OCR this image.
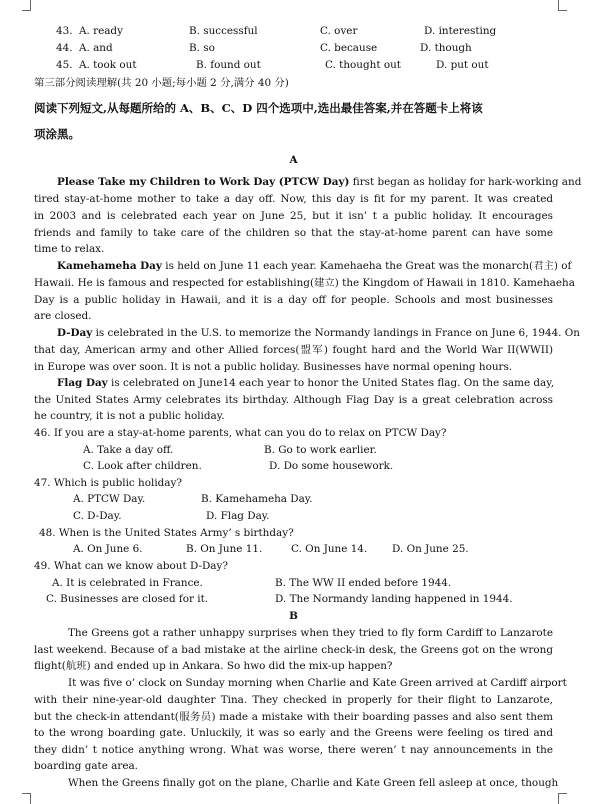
43. A. ready	B. successful	C. over	D. interesting
44. A. and	B. so	C. because	D. though
45. A. took out	B. found out	C. thought out	D. put out
第三部分阅读理解(共 20 小题;每小题 2 分,满分 40 分)
阅读下列短文,从每题所给的 A、B、C、D 四个选项中,选出最佳答案,并在答题卡上将该
项涂黑。
A
Please Take my Children to Work Day (PTCW Day) first began as holiday for hark-working and
tired stay-at-home mother to take a day off. Now, this day is fit for my parent. It was created
in 2003 and is celebrated each year on June 25, but it isn’ t a public holiday. It encourages
friends and family to take care of the children so that the stay-at-home parent can have some
time to relax.
Kamehameha Day is held on June 11 each year. Kamehaeha the Great was the monarch(君主) of
Hawaii. He is famous and respected for establishing(建立) the Kingdom of Hawaii in 1810. Kamehaeha
Day is a public holiday in Hawaii, and it is a day off for people. Schools and most businesses
are closed.
D-Day is celebrated in the U.S. to memorize the Normandy landings in France on June 6, 1944. On
that day, American army and other Allied forces(盟军) fought hard and the World War II(WWII)
in Europe was over soon. It is not a public holiday. Businesses have normal opening hours.
Flag Day is celebrated on June14 each year to honor the United States flag. On the same day,
the United States Army celebrates its birthday. Although Flag Day is a great celebration across
he country, it is not a public holiday.
46. If you are a stay-at-home parents, what can you do to relax on PTCW Day?
A. Take a day off.	B. Go to work earlier.
C. Look after children.	D. Do some housework.
47. Which is public holiday?
A. PTCW Day.	B. Kamehameha Day.
C. D-Day.	D. Flag Day.
48. When is the United States Army’ s birthday?
A. On June 6.	B. On June 11.	C. On June 14. D. On June 25.
49. What can we know about D-Day?
A. It is celebrated in France.	B. The WW II ended before 1944.
C. Businesses are closed for it.	D. The Normandy landing happened in 1944.
B
The Greens got a rather unhappy surprises when they tried to fly form Cardiff to Lanzarote
last weekend. Because of a bad mistake at the airline check-in desk, the Greens got on the wrong
flight(航班) and ended up in Ankara. So hwo did the mix-up happen?
It was five o’ clock on Sunday morning when Charlie and Kate Green arrived at Cardiff airport
with their nine-year-old daughter Tina. They checked in properly for their flight to Lanzarote,
but the check-in attendant(服务员) made a mistake with their boarding passes and also sent them
to the wrong boarding gate. Unluckily, it was so early and the Greens were feeling os tired and
they didn’ t notice anything wrong. What was worse, there weren’ t nay announcements in the
boarding gate area.
When the Greens finally got on the plane, Charlie and Kate Green fell asleep at once, though
